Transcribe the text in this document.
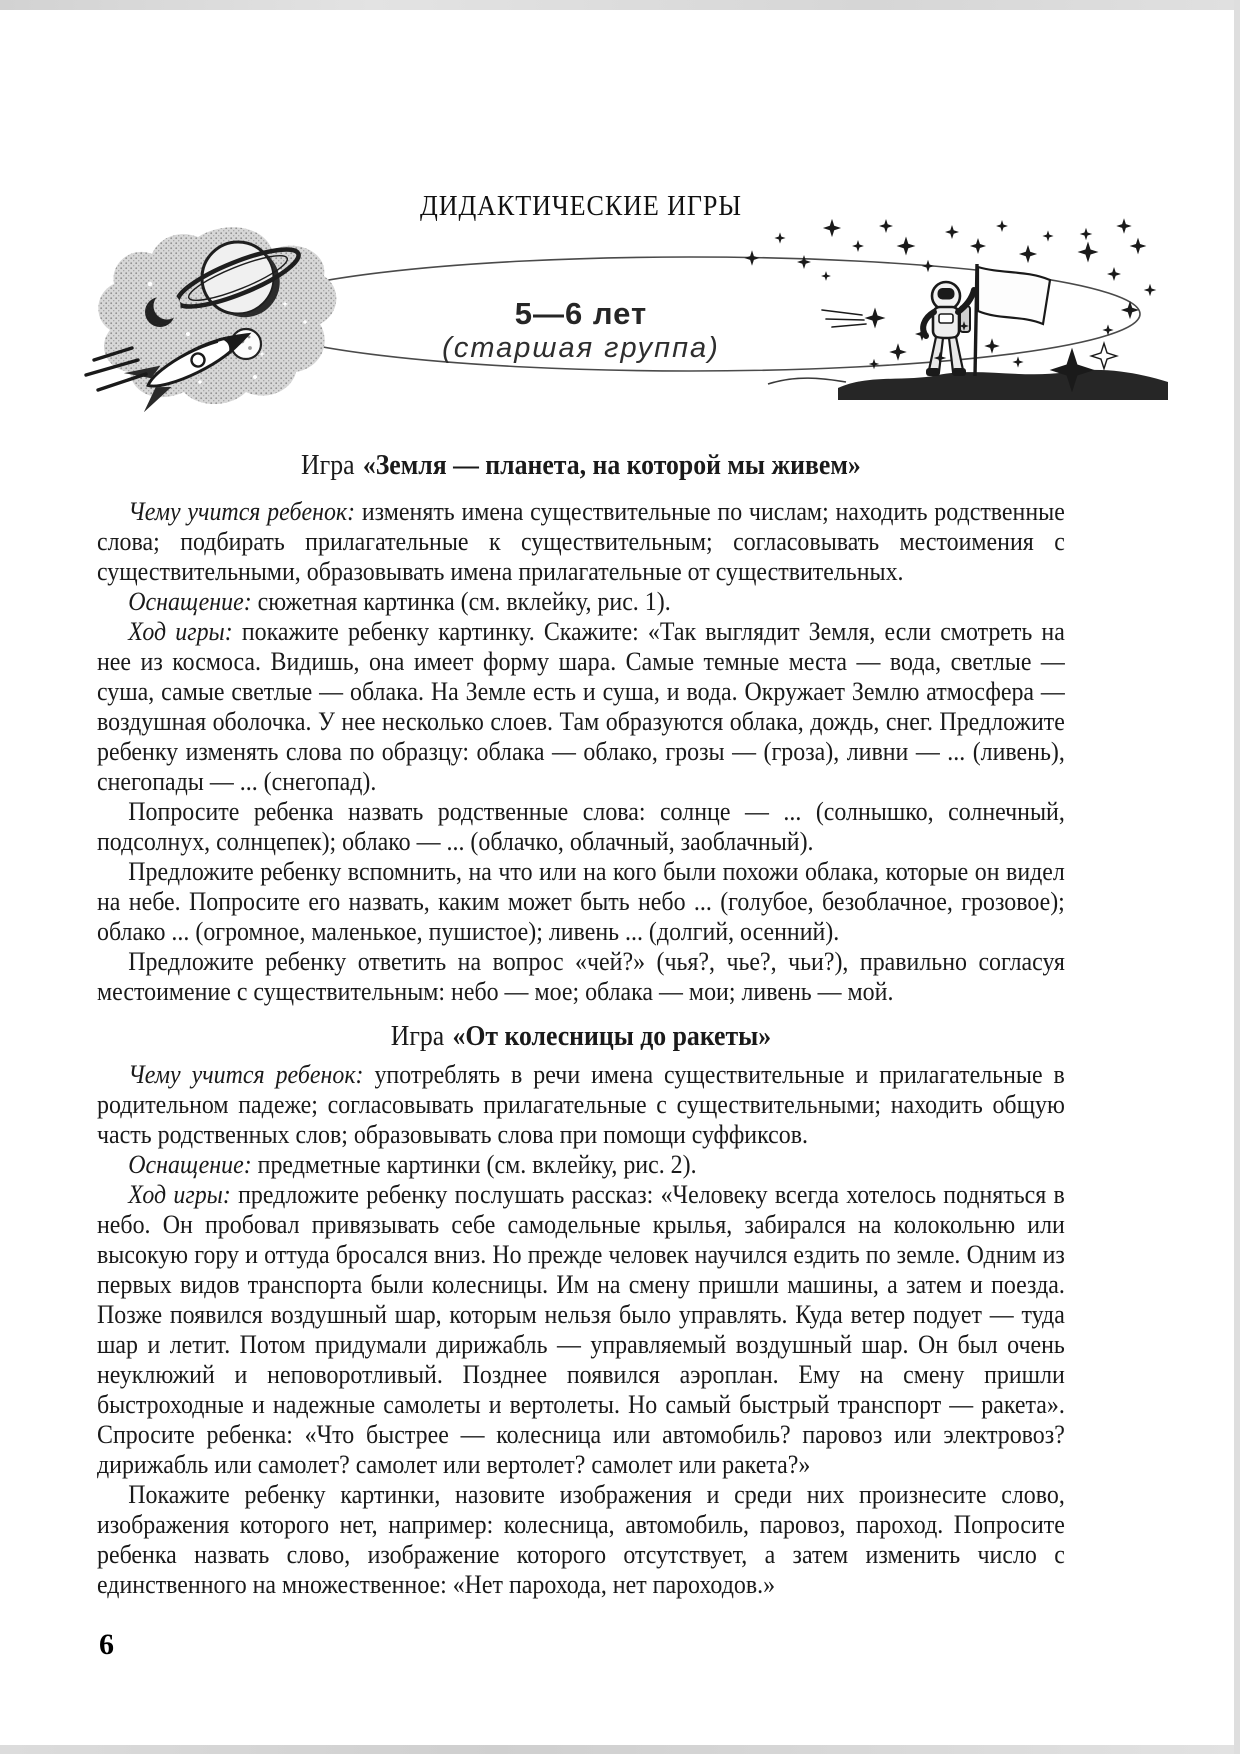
ДИДАКТИЧЕСКИЕ ИГРЫ
5—6 лет
(старшая группа)
Игра «Земля — планета, на которой мы живем»

Чему учится ребенок: изменять имена существительные по числам; находить родственные слова; подбирать прилагательные к существительным; согласовывать местоимения с существительными, образовывать имена прилагательные от существительных.

Оснащение: сюжетная картинка (см. вклейку, рис. 1).

Ход игры: покажите ребенку картинку. Скажите: «Так выглядит Земля, если смотреть на нее из космоса. Видишь, она имеет форму шара. Самые темные места — вода, светлые — суша, самые светлые — облака. На Земле есть и суша, и вода. Окружает Землю атмосфера — воздушная оболочка. У нее несколько слоев. Там образуются облака, дождь, снег. Предложите ребенку изменять слова по образцу: облака — облако, грозы — (гроза), ливни — ... (ливень), снегопады — ... (снегопад).

Попросите ребенка назвать родственные слова: солнце — ... (солнышко, солнечный, подсолнух, солнцепек); облако — ... (облачко, облачный, заоблачный).

Предложите ребенку вспомнить, на что или на кого были похожи облака, которые он видел на небе. Попросите его назвать, каким может быть небо ... (голубое, безоблачное, грозовое); облако ... (огромное, маленькое, пушистое); ливень ... (долгий, осенний).

Предложите ребенку ответить на вопрос «чей?» (чья?, чье?, чьи?), правильно согласуя местоимение с существительным: небо — мое; облака — мои; ливень — мой.

Игра «От колесницы до ракеты»

Чему учится ребенок: употреблять в речи имена существительные и прилагательные в родительном падеже; согласовывать прилагательные с существительными; находить общую часть родственных слов; образовывать слова при помощи суффиксов.

Оснащение: предметные картинки (см. вклейку, рис. 2).

Ход игры: предложите ребенку послушать рассказ: «Человеку всегда хотелось подняться в небо. Он пробовал привязывать себе самодельные крылья, забирался на колокольню или высокую гору и оттуда бросался вниз. Но прежде человек научился ездить по земле. Одним из первых видов транспорта были колесницы. Им на смену пришли машины, а затем и поезда. Позже появился воздушный шар, которым нельзя было управлять. Куда ветер подует — туда шар и летит. Потом придумали дирижабль — управляемый воздушный шар. Он был очень неуклюжий и неповоротливый. Позднее появился аэроплан. Ему на смену пришли быстроходные и надежные самолеты и вертолеты. Но самый быстрый транспорт — ракета». Спросите ребенка: «Что быстрее — колесница или автомобиль? паровоз или электровоз? дирижабль или самолет? самолет или вертолет? самолет или ракета?»

Покажите ребенку картинки, назовите изображения и среди них произнесите слово, изображения которого нет, например: колесница, автомобиль, паровоз, пароход. Попросите ребенка назвать слово, изображение которого отсутствует, а затем изменить число с единственного на множественное: «Нет парохода, нет пароходов.»

6
